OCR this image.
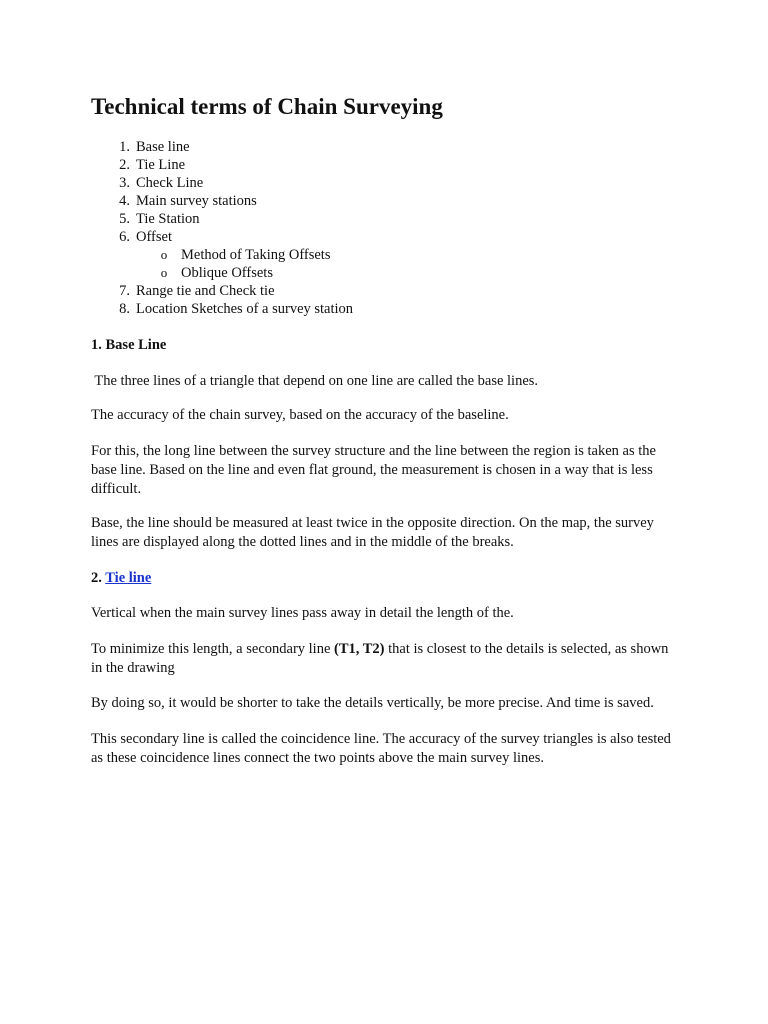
Technical terms of Chain Surveying
1. Base line
2. Tie Line
3. Check Line
4. Main survey stations
5. Tie Station
6. Offset
o Method of Taking Offsets
o Oblique Offsets
7. Range tie and Check tie
8. Location Sketches of a survey station
1. Base Line

The three lines of a triangle that depend on one line are called the base lines.

The accuracy of the chain survey, based on the accuracy of the baseline.

For this, the long line between the survey structure and the line between the region is taken as the base line. Based on the line and even flat ground, the measurement is chosen in a way that is less difficult.

Base, the line should be measured at least twice in the opposite direction. On the map, the survey lines are displayed along the dotted lines and in the middle of the breaks.

2. Tie line

Vertical when the main survey lines pass away in detail the length of the.

To minimize this length, a secondary line (T1, T2) that is closest to the details is selected, as shown in the drawing

By doing so, it would be shorter to take the details vertically, be more precise. And time is saved.

This secondary line is called the coincidence line. The accuracy of the survey triangles is also tested as these coincidence lines connect the two points above the main survey lines.
